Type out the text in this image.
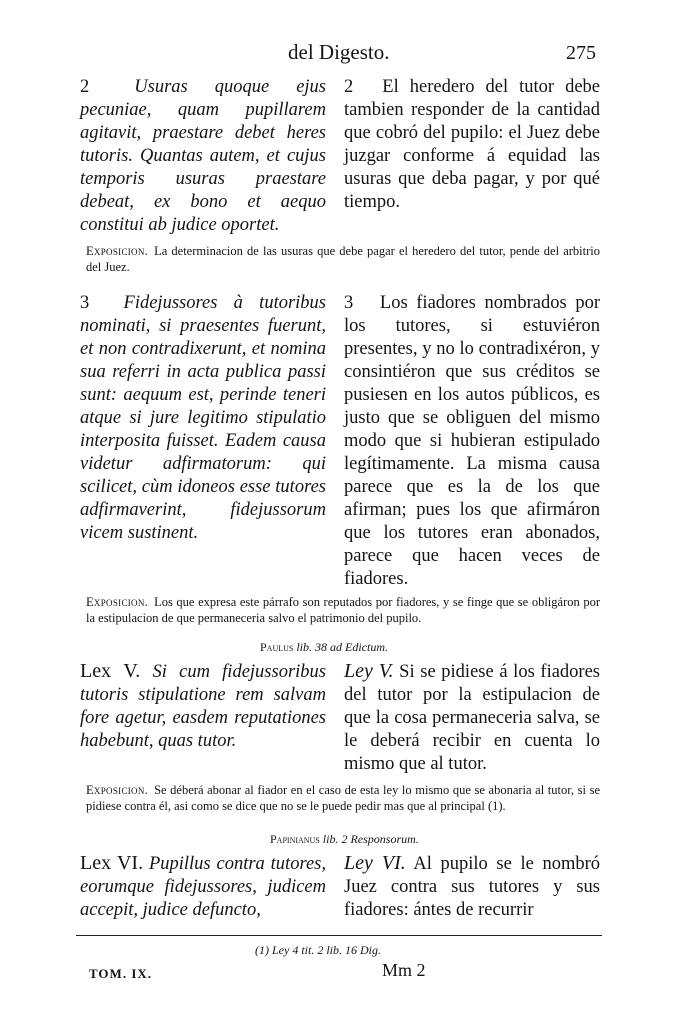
del Digesto.	275
2 Usuras quoque ejus pecuniae, quam pupillarem agitavit, praestare debet heres tutoris. Quantas autem, et cujus temporis usuras praestare debeat, ex bono et aequo constitui ab judice oportet.
2 El heredero del tutor debe tambien responder de la cantidad que cobró del pupilo: el Juez debe juzgar conforme á equidad las usuras que deba pagar, y por qué tiempo.
Exposicion. La determinacion de las usuras que debe pagar el heredero del tutor, pende del arbitrio del Juez.
3 Fidejussores à tutoribus nominati, si praesentes fuerunt, et non contradixerunt, et nomina sua referri in acta publica passi sunt: aequum est, perinde teneri atque si jure legitimo stipulatio interposita fuisset. Eadem causa videtur adfirmatorum: qui scilicet, cùm idoneos esse tutores adfirmaverint, fidejussorum vicem sustinent.
3 Los fiadores nombrados por los tutores, si estuviéron presentes, y no lo contradixéron, y consintiéron que sus créditos se pusiesen en los autos públicos, es justo que se obliguen del mismo modo que si hubieran estipulado legítimamente. La misma causa parece que es la de los que afirman; pues los que afirmáron que los tutores eran abonados, parece que hacen veces de fiadores.
Exposicion. Los que expresa este párrafo son reputados por fiadores, y se finge que se obligáron por la estipulacion de que permaneceria salvo el patrimonio del pupilo.
Paulus lib. 38 ad Edictum.
Lex V. Si cum fidejussoribus tutoris stipulatione rem salvam fore agetur, easdem reputationes habebunt, quas tutor.
Ley V. Si se pidiese á los fiadores del tutor por la estipulacion de que la cosa permaneceria salva, se le deberá recibir en cuenta lo mismo que al tutor.
Exposicion. Se déberá abonar al fiador en el caso de esta ley lo mismo que se abonaria al tutor, si se pidiese contra él, asi como se dice que no se le puede pedir mas que al principal (1).
Papinianus lib. 2 Responsorum.
Lex VI. Pupillus contra tutores, eorumque fidejussores, judicem accepit, judice defuncto,
Ley VI. Al pupilo se le nombró Juez contra sus tutores y sus fiadores: ántes de recurrir
(1) Ley 4 tit. 2 lib. 16 Dig.
TOM. IX.	Mm 2
